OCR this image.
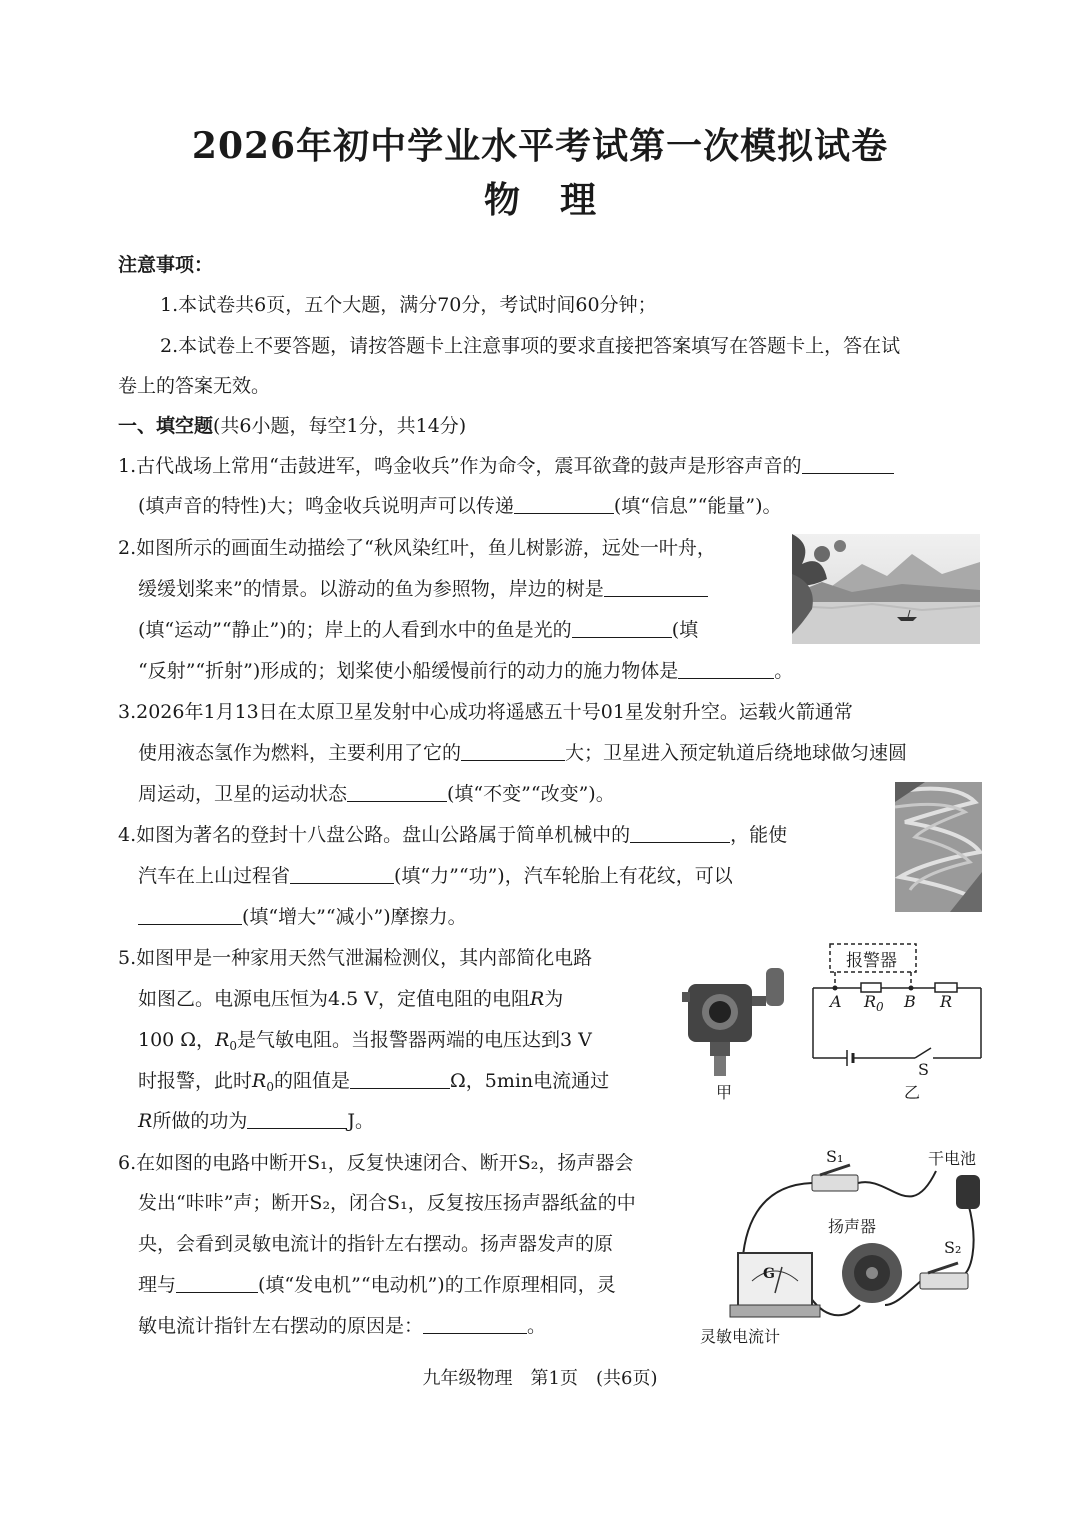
2026年初中学业水平考试第一次模拟试卷
物理
注意事项：
1.本试卷共6页，五个大题，满分70分，考试时间60分钟；
2.本试卷上不要答题，请按答题卡上注意事项的要求直接把答案填写在答题卡上，答在试
卷上的答案无效。
一、填空题(共6小题，每空1分，共14分)
1.古代战场上常用“击鼓进军，鸣金收兵”作为命令，震耳欲聋的鼓声是形容声音的
(填声音的特性)大；鸣金收兵说明声可以传递	(填“信息”“能量”)。
2.如图所示的画面生动描绘了“秋风染红叶，鱼儿树影游，远处一叶舟，
缓缓划桨来”的情景。以游动的鱼为参照物，岸边的树是
(填“运动”“静止”)的；岸上的人看到水中的鱼是光的	(填
“反射”“折射”)形成的；划桨使小船缓慢前行的动力的施力物体是	。
3.2026年1月13日在太原卫星发射中心成功将遥感五十号01星发射升空。运载火箭通常
使用液态氢作为燃料，主要利用了它的	大；卫星进入预定轨道后绕地球做匀速圆
周运动，卫星的运动状态	(填“不变”“改变”)。
4.如图为著名的登封十八盘公路。盘山公路属于简单机械中的	，能使
汽车在上山过程省	(填“力”“功”)，汽车轮胎上有花纹，可以
(填“增大”“减小”)摩擦力。
5.如图甲是一种家用天然气泄漏检测仪，其内部简化电路
如图乙。电源电压恒为4.5 V，定值电阻的电阻R为
100 Ω，$R_0$是气敏电阻。当报警器两端的电压达到3 V
时报警，此时$R_0$的阻值是	Ω，5min电流通过
R所做的功为	J。
甲
报警器
A $R_0$ B R
S
乙
6.在如图的电路中断开S₁，反复快速闭合、断开S₂，扬声器会
发出“咔咔”声；断开S₂，闭合S₁，反复按压扬声器纸盆的中
央，会看到灵敏电流计的指针左右摆动。扬声器发声的原
理与	(填“发电机”“电动机”)的工作原理相同，灵
敏电流计指针左右摆动的原因是：	。
S₁	干电池
扬声器
S₂
G
灵敏电流计
九年级物理　第1页　(共6页)
